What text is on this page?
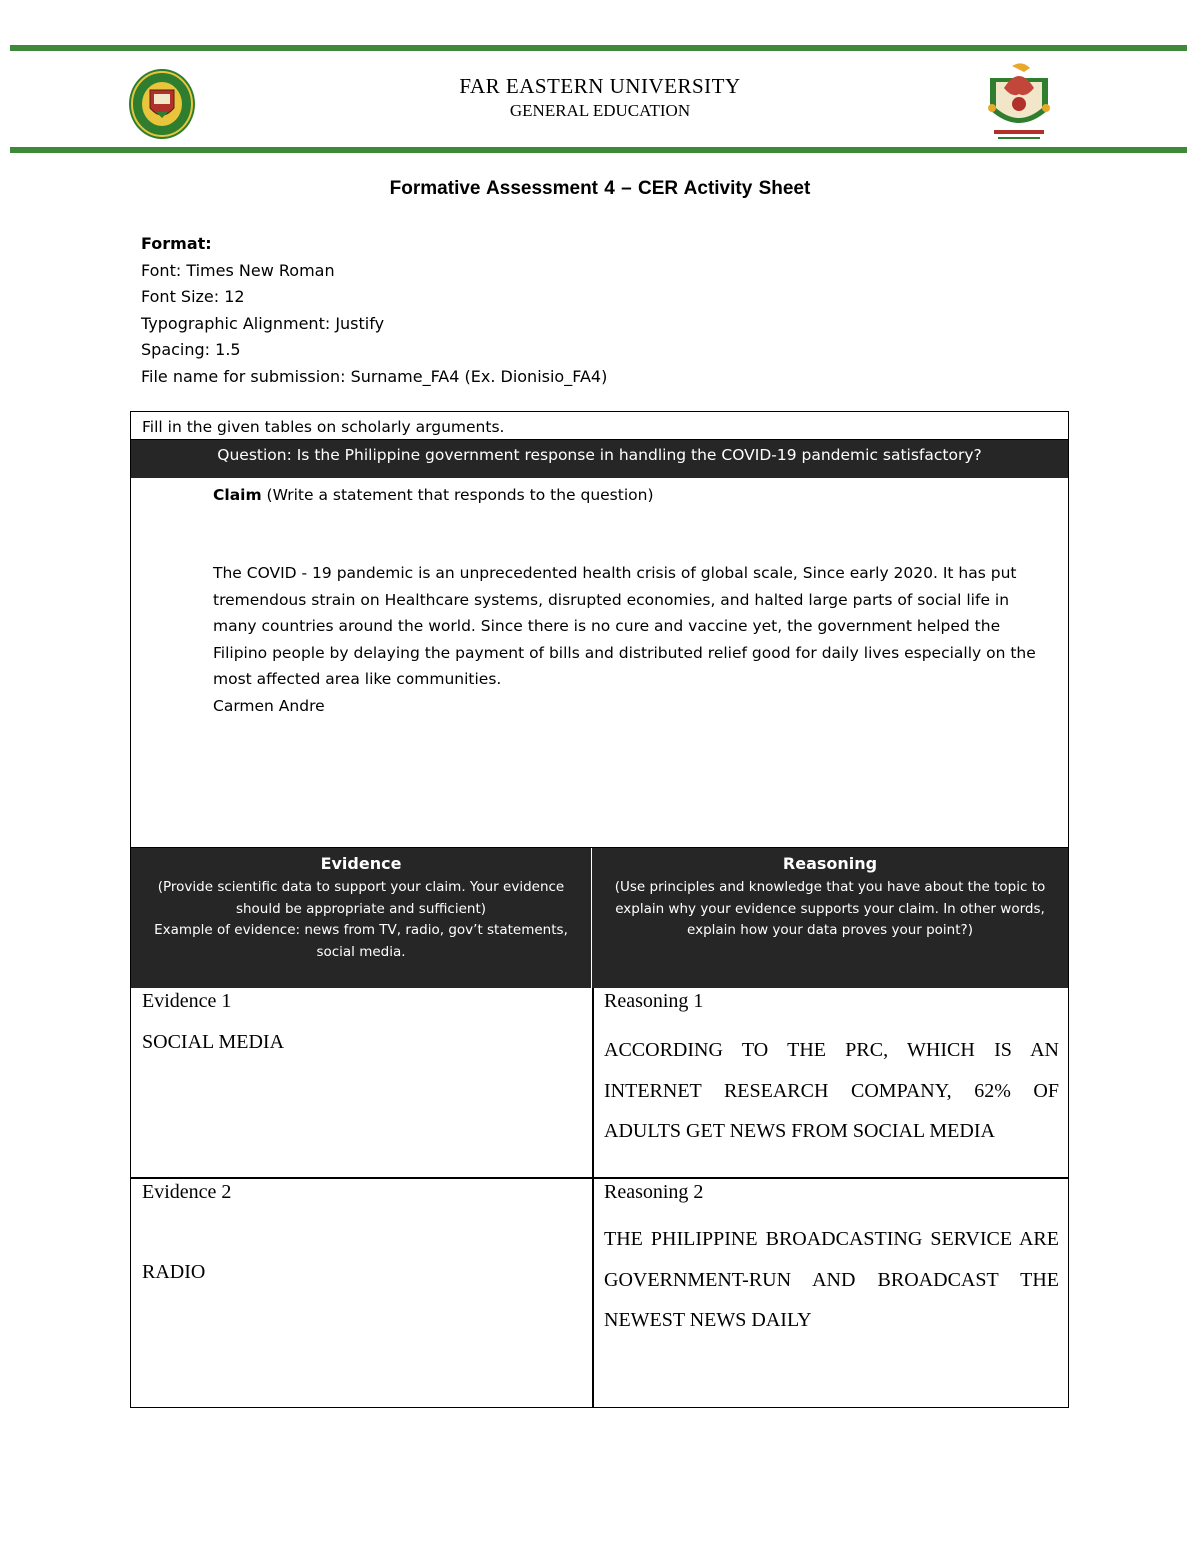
FAR EASTERN UNIVERSITY
GENERAL EDUCATION
Formative Assessment 4 – CER Activity Sheet
Format:
Font: Times New Roman
Font Size: 12
Typographic Alignment: Justify
Spacing: 1.5
File name for submission: Surname_FA4 (Ex. Dionisio_FA4)
Fill in the given tables on scholarly arguments.
Question: Is the Philippine government response in handling the COVID-19 pandemic satisfactory?
Claim (Write a statement that responds to the question)

The COVID - 19 pandemic is an unprecedented health crisis of global scale, Since early 2020. It has put tremendous strain on Healthcare systems, disrupted economies, and halted large parts of social life in many countries around the world. Since there is no cure and vaccine yet, the government helped the Filipino people by delaying the payment of bills and distributed relief good for daily lives especially on the most affected area like communities.

Carmen Andre

Evidence
(Provide scientific data to support your claim. Your evidence should be appropriate and sufficient)
Example of evidence: news from TV, radio, gov’t statements, social media.
Reasoning
(Use principles and knowledge that you have about the topic to explain why your evidence supports your claim. In other words, explain how your data proves your point?)
Evidence 1
SOCIAL MEDIA
Reasoning 1
ACCORDING TO THE PRC, WHICH IS AN INTERNET RESEARCH COMPANY, 62% OF ADULTS GET NEWS FROM SOCIAL MEDIA
Evidence 2
RADIO
Reasoning 2
THE PHILIPPINE BROADCASTING SERVICE ARE GOVERNMENT-RUN AND BROADCAST THE NEWEST NEWS DAILY
